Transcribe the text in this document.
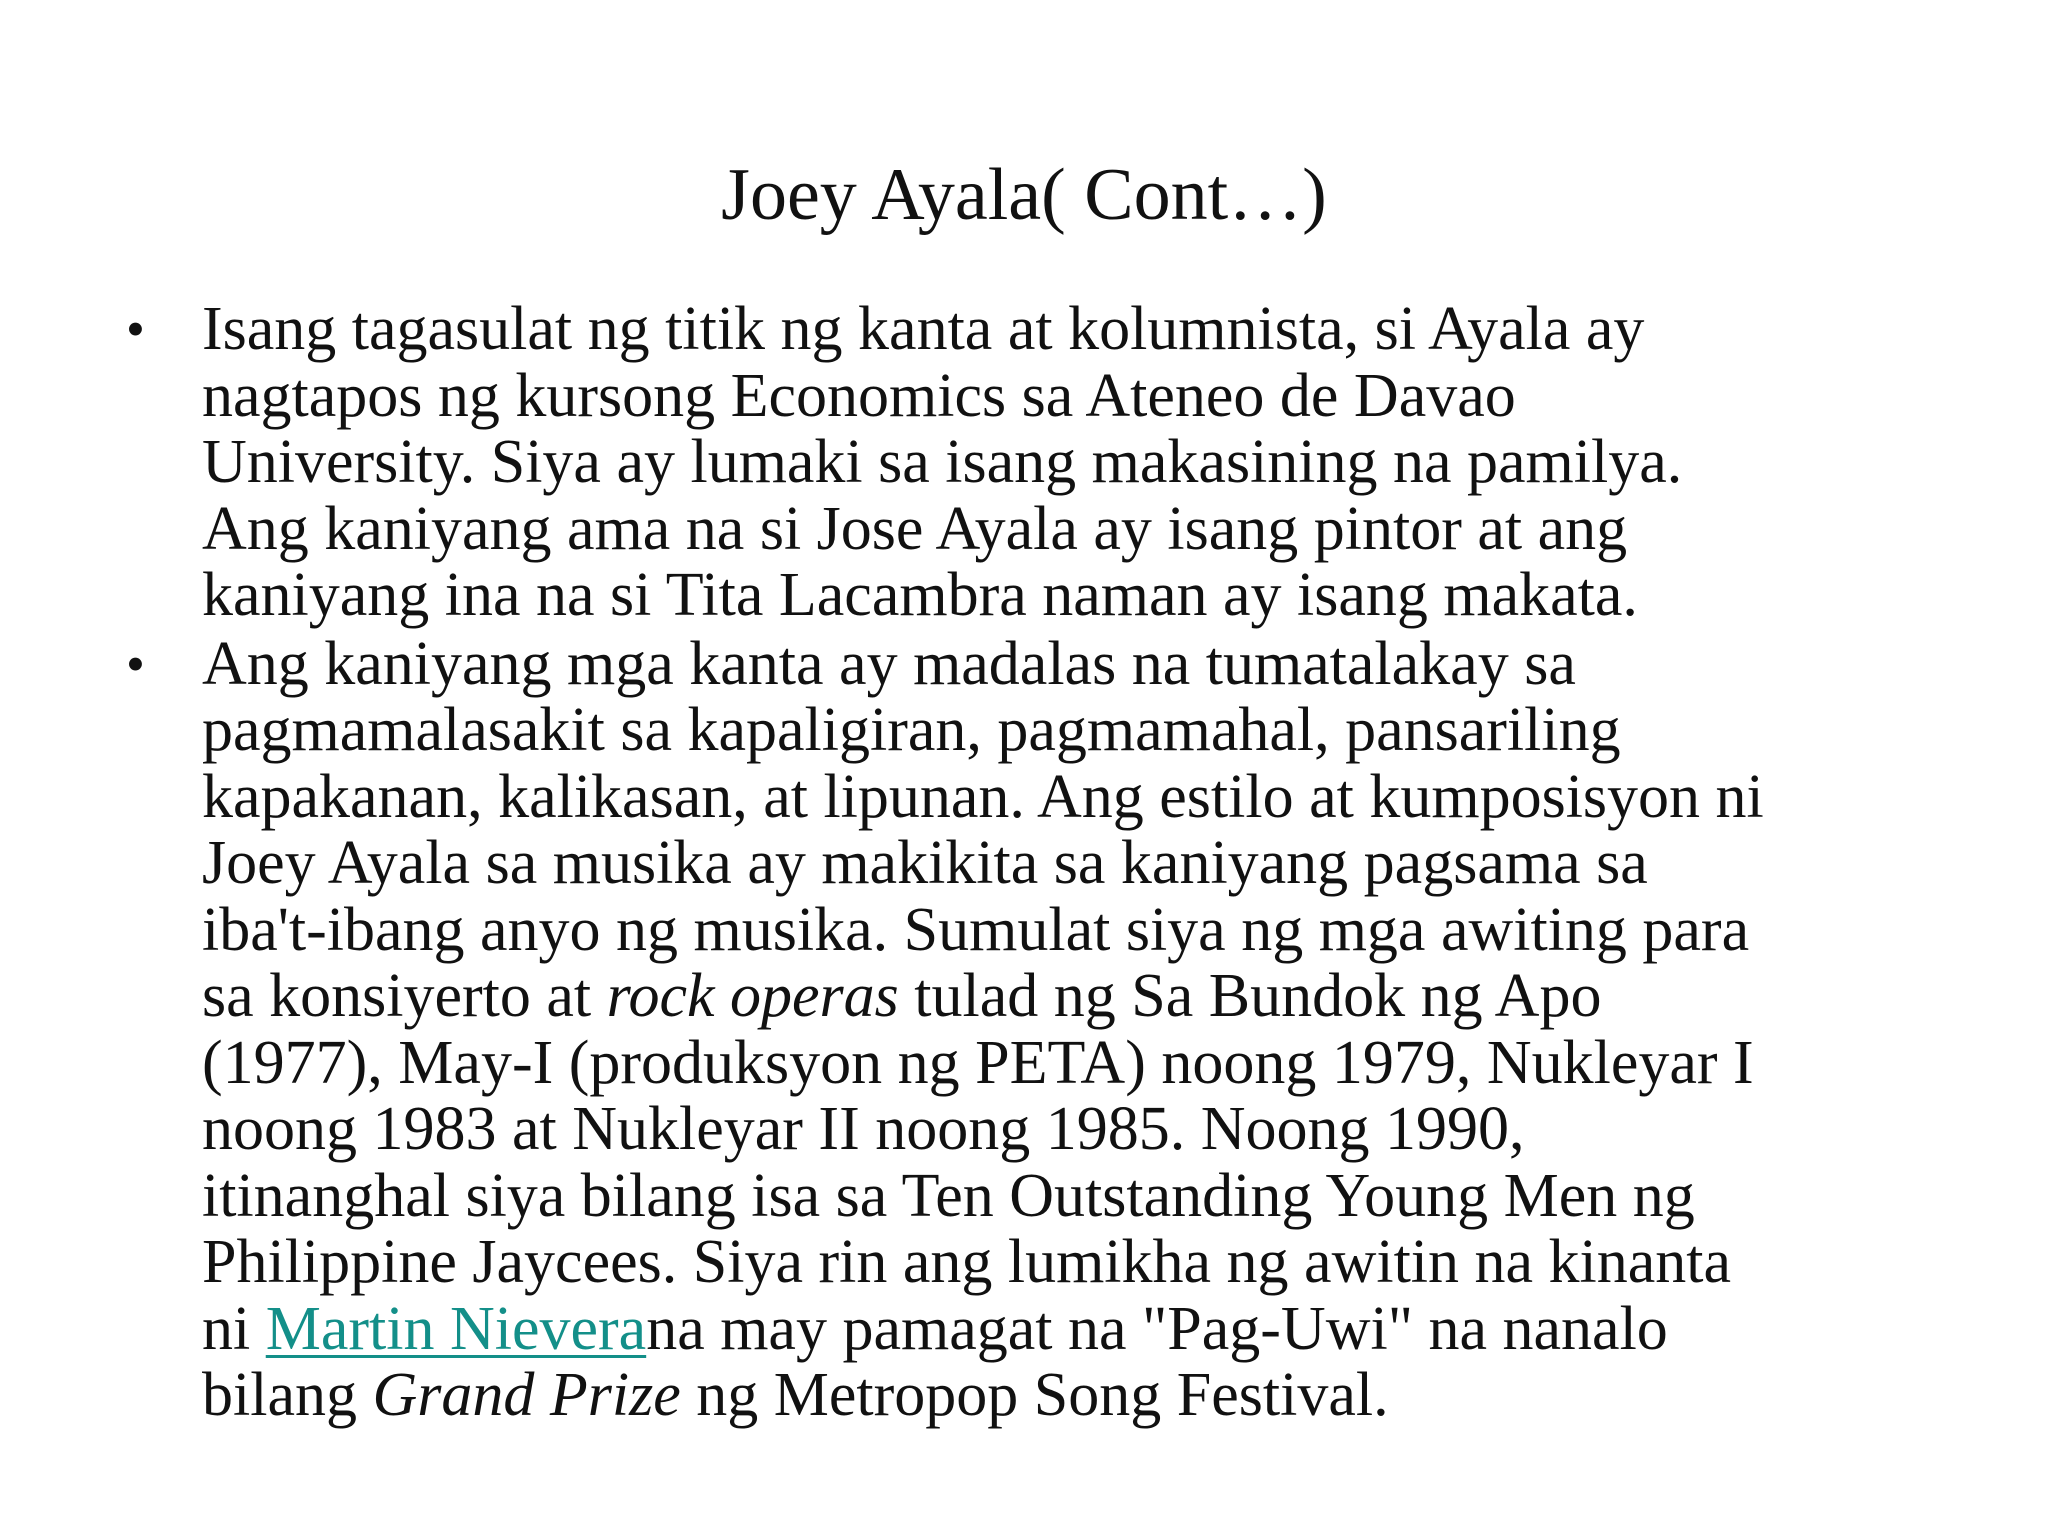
Joey Ayala( Cont…)
• Isang tagasulat ng titik ng kanta at kolumnista, si Ayala ay
nagtapos ng kursong Economics sa Ateneo de Davao
University. Siya ay lumaki sa isang makasining na pamilya.
Ang kaniyang ama na si Jose Ayala ay isang pintor at ang
kaniyang ina na si Tita Lacambra naman ay isang makata.
• Ang kaniyang mga kanta ay madalas na tumatalakay sa
pagmamalasakit sa kapaligiran, pagmamahal, pansariling
kapakanan, kalikasan, at lipunan. Ang estilo at kumposisyon ni
Joey Ayala sa musika ay makikita sa kaniyang pagsama sa
iba't-ibang anyo ng musika. Sumulat siya ng mga awiting para
sa konsiyerto at rock operas tulad ng Sa Bundok ng Apo
(1977), May-I (produksyon ng PETA) noong 1979, Nukleyar I
noong 1983 at Nukleyar II noong 1985. Noong 1990,
itinanghal siya bilang isa sa Ten Outstanding Young Men ng
Philippine Jaycees. Siya rin ang lumikha ng awitin na kinanta
ni Martin Nieverana may pamagat na "Pag-Uwi" na nanalo
bilang Grand Prize ng Metropop Song Festival.
